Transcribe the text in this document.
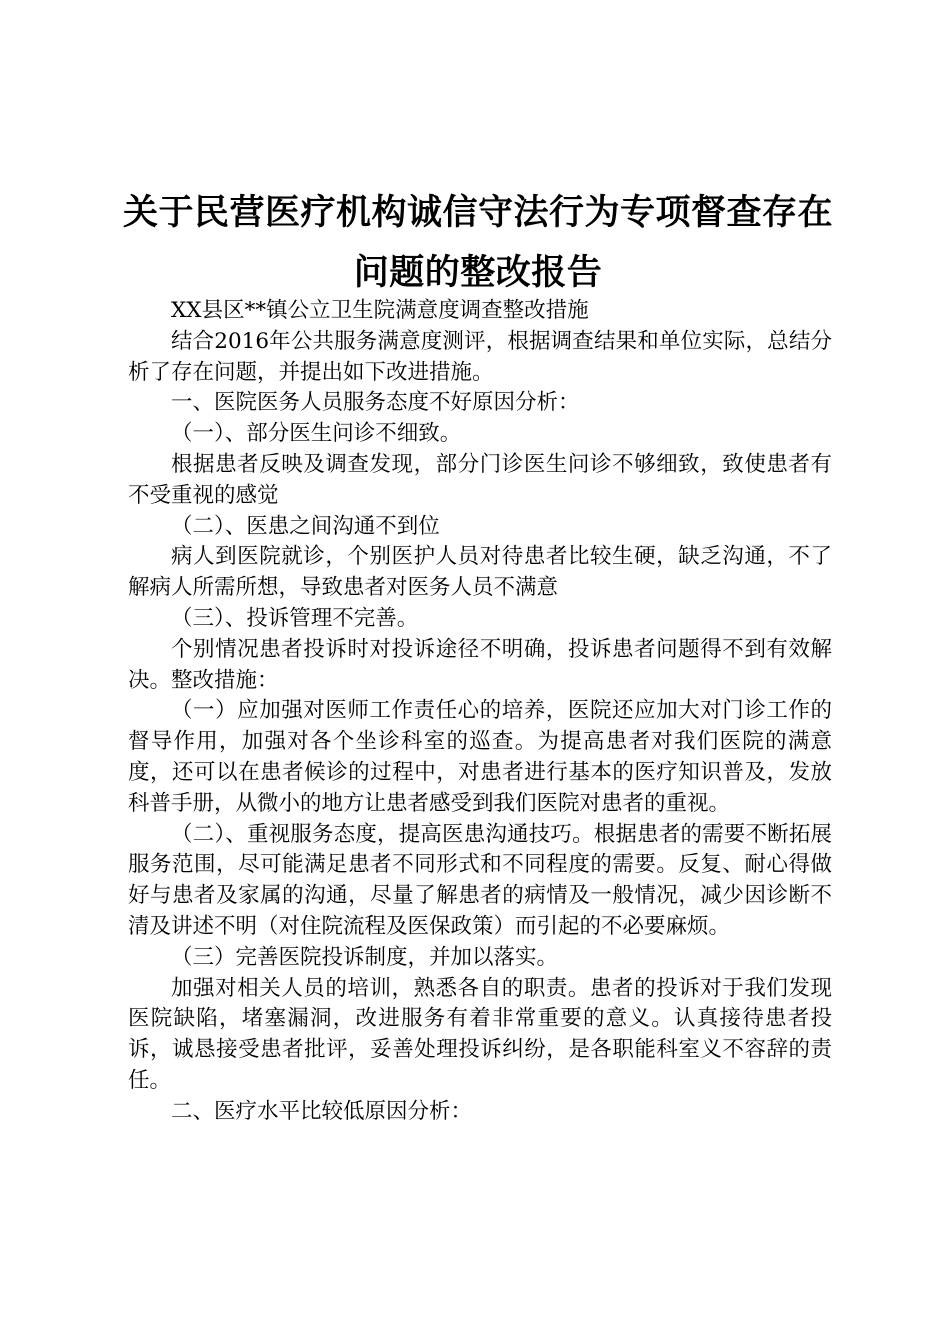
关于民营医疗机构诚信守法行为专项督查存在问题的整改报告

XX县区**镇公立卫生院满意度调查整改措施

结合2016年公共服务满意度测评，根据调查结果和单位实际，总结分析了存在问题，并提出如下改进措施。

一、医院医务人员服务态度不好原因分析：

（一）、部分医生问诊不细致。

根据患者反映及调查发现，部分门诊医生问诊不够细致，致使患者有不受重视的感觉

（二）、医患之间沟通不到位

病人到医院就诊，个别医护人员对待患者比较生硬，缺乏沟通，不了解病人所需所想，导致患者对医务人员不满意

（三）、投诉管理不完善。

个别情况患者投诉时对投诉途径不明确，投诉患者问题得不到有效解决。整改措施：

（一）应加强对医师工作责任心的培养，医院还应加大对门诊工作的督导作用，加强对各个坐诊科室的巡查。为提高患者对我们医院的满意度，还可以在患者候诊的过程中，对患者进行基本的医疗知识普及，发放科普手册，从微小的地方让患者感受到我们医院对患者的重视。

（二）、重视服务态度，提高医患沟通技巧。根据患者的需要不断拓展服务范围，尽可能满足患者不同形式和不同程度的需要。反复、耐心得做好与患者及家属的沟通，尽量了解患者的病情及一般情况，减少因诊断不清及讲述不明（对住院流程及医保政策）而引起的不必要麻烦。

（三）完善医院投诉制度，并加以落实。

加强对相关人员的培训，熟悉各自的职责。患者的投诉对于我们发现医院缺陷，堵塞漏洞，改进服务有着非常重要的意义。认真接待患者投诉，诚恳接受患者批评，妥善处理投诉纠纷，是各职能科室义不容辞的责任。

二、医疗水平比较低原因分析：
